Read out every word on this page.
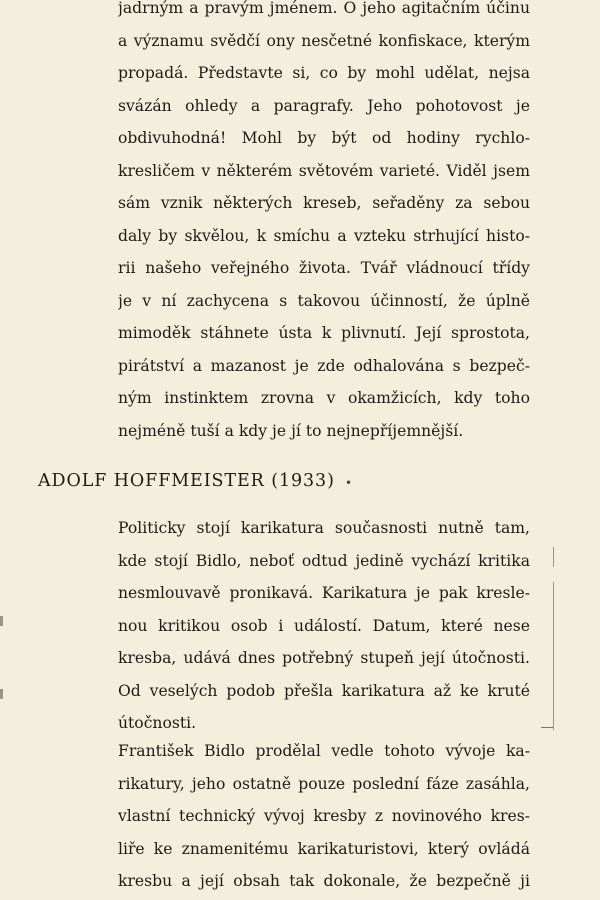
jadrným a pravým jménem. O jeho agitačním účinu
a významu svědčí ony nesčetné konfiskace, kterým
propadá. Představte si, co by mohl udělat, nejsa
svázán ohledy a paragrafy. Jeho pohotovost je
obdivuhodná! Mohl by být od hodiny rychlo-
kresličem v některém světovém varieté. Viděl jsem
sám vznik některých kreseb, seřaděny za sebou
daly by skvělou, k smíchu a vzteku strhující histo-
rii našeho veřejného života. Tvář vládnoucí třídy
je v ní zachycena s takovou účinností, že úplně
mimoděk stáhnete ústa k plivnutí. Její sprostota,
pirátství a mazanost je zde odhalována s bezpeč-
ným instinktem zrovna v okamžicích, kdy toho
nejméně tuší a kdy je jí to nejnepříjemnější.
ADOLF HOFFMEISTER (1933) •
Politicky stojí karikatura současnosti nutně tam,
kde stojí Bidlo, neboť odtud jedině vychází kritika
nesmlouvavě pronikavá. Karikatura je pak kresle-
nou kritikou osob i událostí. Datum, které nese
kresba, udává dnes potřebný stupeň její útočnosti.
Od veselých podob přešla karikatura až ke kruté
útočnosti.
František Bidlo prodělal vedle tohoto vývoje ka-
rikatury, jeho ostatně pouze poslední fáze zasáhla,
vlastní technický vývoj kresby z novinového kres-
liře ke znamenitému karikaturistovi, který ovládá
kresbu a její obsah tak dokonale, že bezpečně ji
